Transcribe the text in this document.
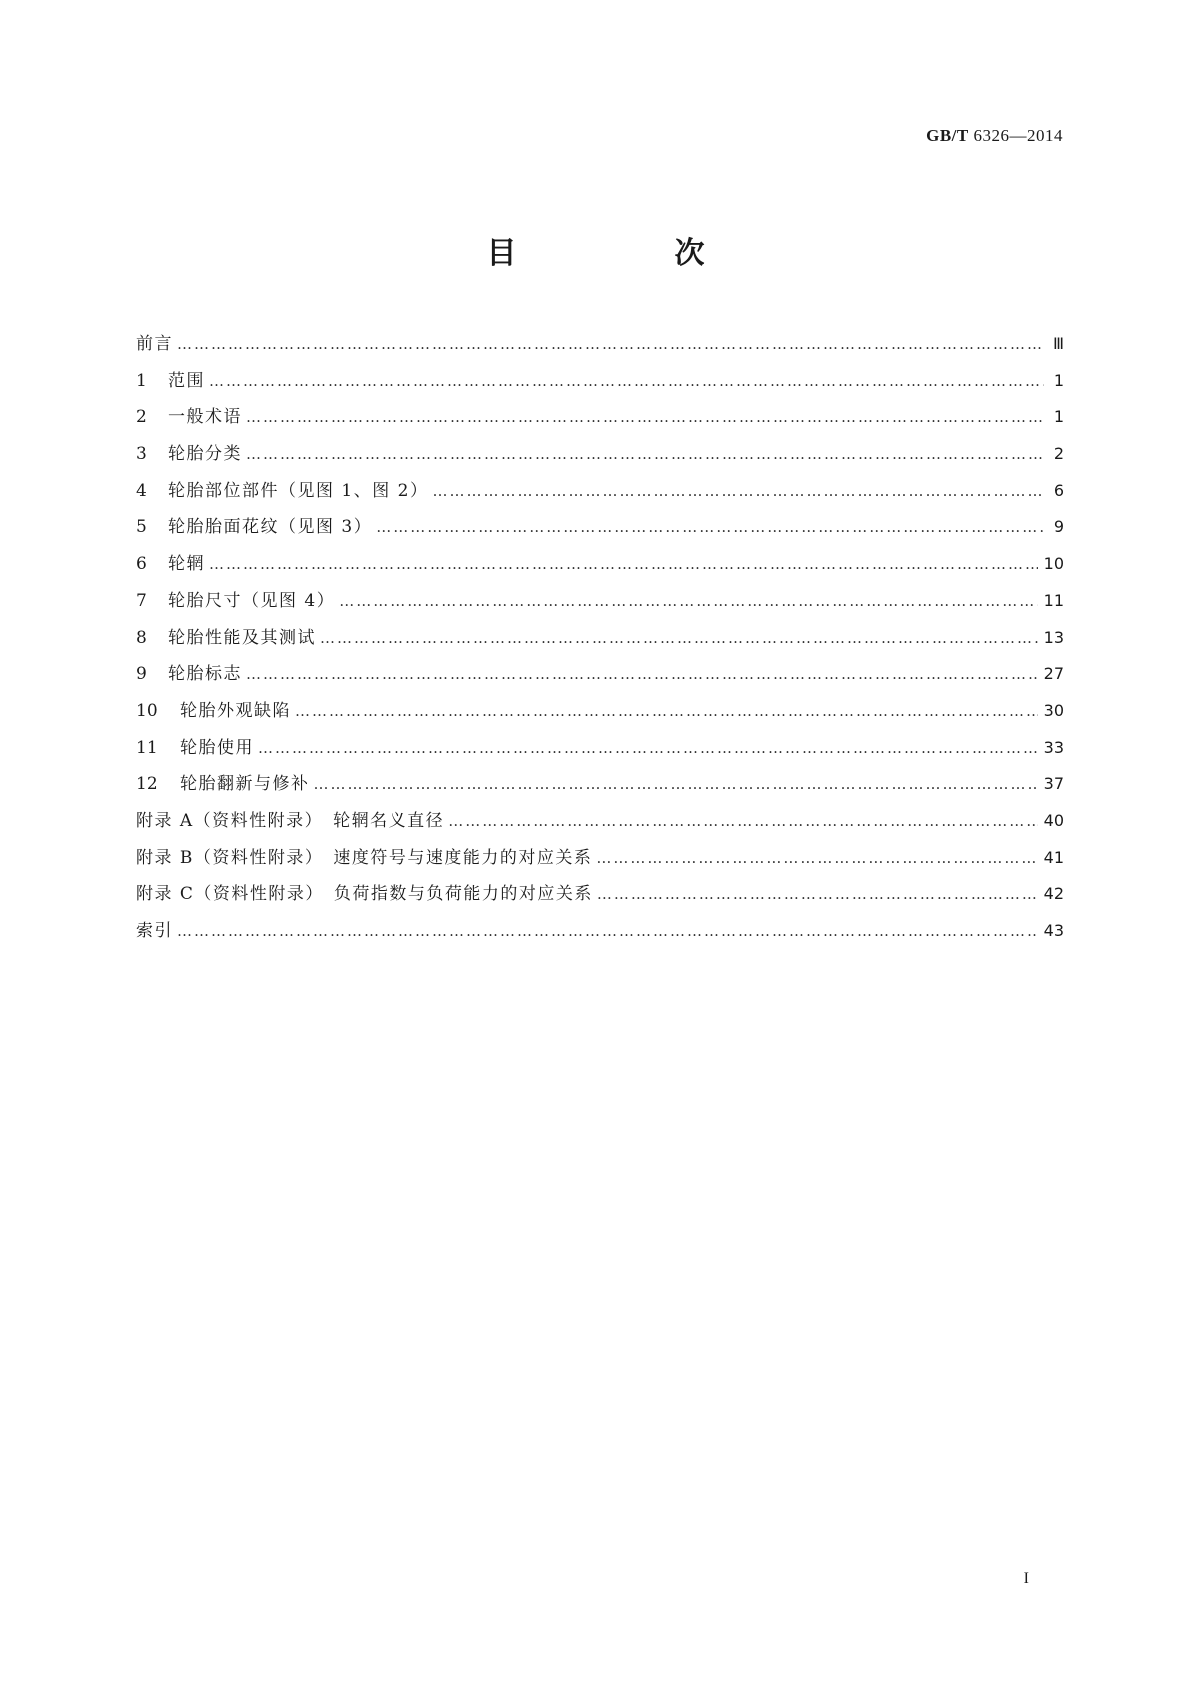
GB/T 6326—2014
目　次
前言 ……………………………………………………………………………………………………………………………………………………………………………………………………………………………………………………………	Ⅲ
1	范围 ……………………………………………………………………………………………………………………………………………………………………………………………………………………………………………………………	1
2	一般术语 ……………………………………………………………………………………………………………………………………………………………………………………………………………………………………………………………	1
3	轮胎分类 ……………………………………………………………………………………………………………………………………………………………………………………………………………………………………………………………	2
4	轮胎部位部件（见图 1、图 2） ……………………………………………………………………………………………………………………………………………………………………………………………………………………………………………………………	6
5	轮胎胎面花纹（见图 3） ……………………………………………………………………………………………………………………………………………………………………………………………………………………………………………………………	9
6	轮辋 ……………………………………………………………………………………………………………………………………………………………………………………………………………………………………………………………	10
7	轮胎尺寸（见图 4） ……………………………………………………………………………………………………………………………………………………………………………………………………………………………………………………………	11
8	轮胎性能及其测试 ……………………………………………………………………………………………………………………………………………………………………………………………………………………………………………………………	13
9	轮胎标志 ……………………………………………………………………………………………………………………………………………………………………………………………………………………………………………………………	27
10	轮胎外观缺陷 ……………………………………………………………………………………………………………………………………………………………………………………………………………………………………………………………	30
11	轮胎使用 ……………………………………………………………………………………………………………………………………………………………………………………………………………………………………………………………	33
12	轮胎翻新与修补 ……………………………………………………………………………………………………………………………………………………………………………………………………………………………………………………………	37
附录 A（资料性附录）　轮辋名义直径 ……………………………………………………………………………………………………………………………………………………………………………………………………………………………………………………………	40
附录 B（资料性附录）　速度符号与速度能力的对应关系 ……………………………………………………………………………………………………………………………………………………………………………………………………………………………………………………………	41
附录 C（资料性附录）　负荷指数与负荷能力的对应关系 ……………………………………………………………………………………………………………………………………………………………………………………………………………………………………………………………	42
索引 ……………………………………………………………………………………………………………………………………………………………………………………………………………………………………………………………	43
I
